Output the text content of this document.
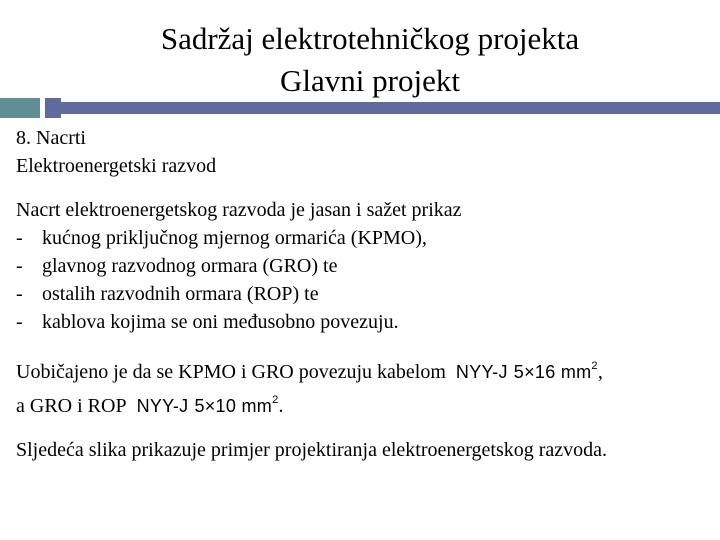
Sadržaj elektrotehničkog projekta
Glavni projekt

8. Nacrti

Elektroenergetski razvod

Nacrt elektroenergetskog razvoda je jasan i sažet prikaz

- kućnog priključnog mjernog ormarića (KPMO),
- glavnog razvodnog ormara (GRO) te
- ostalih razvodnih ormara (ROP) te
- kablova kojima se oni međusobno povezuju.

Uobičajeno je da se KPMO i GRO povezuju kabelom NYY-J 5×16 $mm^2$,

a GRO i ROP NYY-J 5×10 $mm^2$.

Sljedeća slika prikazuje primjer projektiranja elektroenergetskog razvoda.
